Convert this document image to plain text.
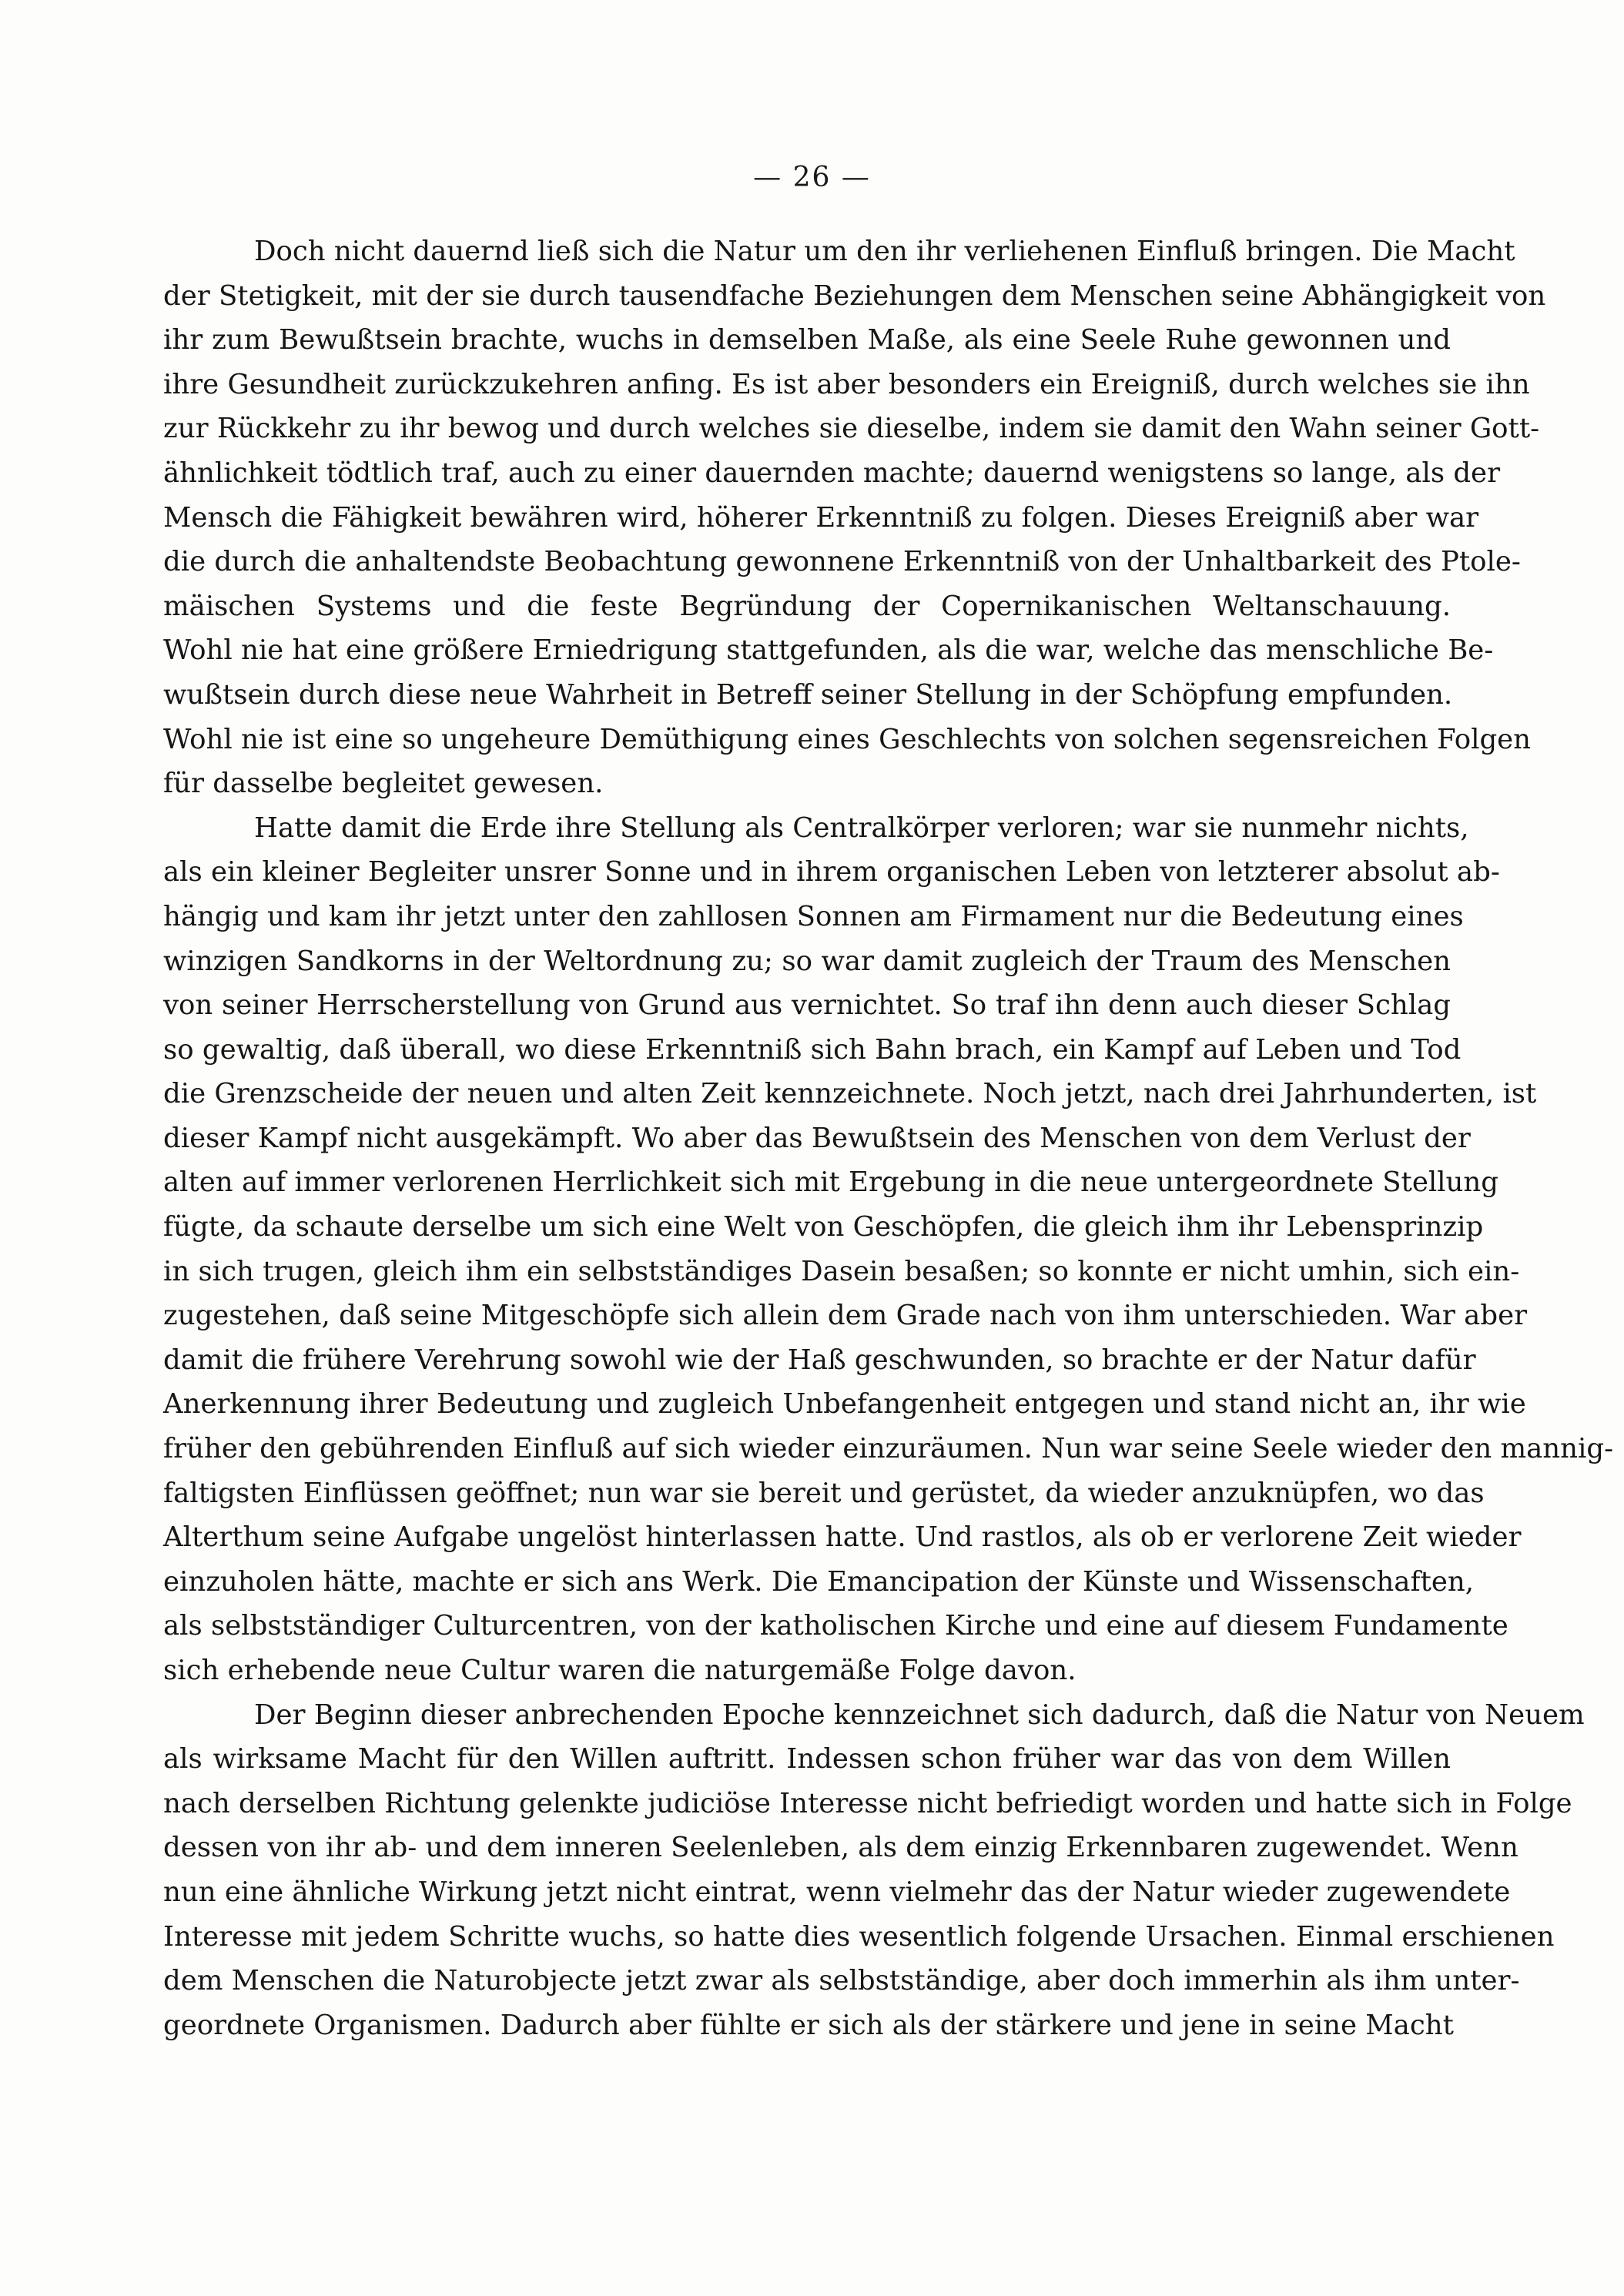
— 26 —
Doch nicht dauernd ließ sich die Natur um den ihr verliehenen Einfluß bringen. Die Macht
der Stetigkeit, mit der sie durch tausendfache Beziehungen dem Menschen seine Abhängigkeit von
ihr zum Bewußtsein brachte, wuchs in demselben Maße, als eine Seele Ruhe gewonnen und
ihre Gesundheit zurückzukehren anfing. Es ist aber besonders ein Ereigniß, durch welches sie ihn
zur Rückkehr zu ihr bewog und durch welches sie dieselbe, indem sie damit den Wahn seiner Gott-
ähnlichkeit tödtlich traf, auch zu einer dauernden machte; dauernd wenigstens so lange, als der
Mensch die Fähigkeit bewähren wird, höherer Erkenntniß zu folgen. Dieses Ereigniß aber war
die durch die anhaltendste Beobachtung gewonnene Erkenntniß von der Unhaltbarkeit des Ptole-
mäischen Systems und die feste Begründung der Copernikanischen Weltanschauung.
Wohl nie hat eine größere Erniedrigung stattgefunden, als die war, welche das menschliche Be-
wußtsein durch diese neue Wahrheit in Betreff seiner Stellung in der Schöpfung empfunden.
Wohl nie ist eine so ungeheure Demüthigung eines Geschlechts von solchen segensreichen Folgen
für dasselbe begleitet gewesen.
Hatte damit die Erde ihre Stellung als Centralkörper verloren; war sie nunmehr nichts,
als ein kleiner Begleiter unsrer Sonne und in ihrem organischen Leben von letzterer absolut ab-
hängig und kam ihr jetzt unter den zahllosen Sonnen am Firmament nur die Bedeutung eines
winzigen Sandkorns in der Weltordnung zu; so war damit zugleich der Traum des Menschen
von seiner Herrscherstellung von Grund aus vernichtet. So traf ihn denn auch dieser Schlag
so gewaltig, daß überall, wo diese Erkenntniß sich Bahn brach, ein Kampf auf Leben und Tod
die Grenzscheide der neuen und alten Zeit kennzeichnete. Noch jetzt, nach drei Jahrhunderten, ist
dieser Kampf nicht ausgekämpft. Wo aber das Bewußtsein des Menschen von dem Verlust der
alten auf immer verlorenen Herrlichkeit sich mit Ergebung in die neue untergeordnete Stellung
fügte, da schaute derselbe um sich eine Welt von Geschöpfen, die gleich ihm ihr Lebensprinzip
in sich trugen, gleich ihm ein selbstständiges Dasein besaßen; so konnte er nicht umhin, sich ein-
zugestehen, daß seine Mitgeschöpfe sich allein dem Grade nach von ihm unterschieden. War aber
damit die frühere Verehrung sowohl wie der Haß geschwunden, so brachte er der Natur dafür
Anerkennung ihrer Bedeutung und zugleich Unbefangenheit entgegen und stand nicht an, ihr wie
früher den gebührenden Einfluß auf sich wieder einzuräumen. Nun war seine Seele wieder den mannig-
faltigsten Einflüssen geöffnet; nun war sie bereit und gerüstet, da wieder anzuknüpfen, wo das
Alterthum seine Aufgabe ungelöst hinterlassen hatte. Und rastlos, als ob er verlorene Zeit wieder
einzuholen hätte, machte er sich ans Werk. Die Emancipation der Künste und Wissenschaften,
als selbstständiger Culturcentren, von der katholischen Kirche und eine auf diesem Fundamente
sich erhebende neue Cultur waren die naturgemäße Folge davon.
Der Beginn dieser anbrechenden Epoche kennzeichnet sich dadurch, daß die Natur von Neuem
als wirksame Macht für den Willen auftritt. Indessen schon früher war das von dem Willen
nach derselben Richtung gelenkte judiciöse Interesse nicht befriedigt worden und hatte sich in Folge
dessen von ihr ab- und dem inneren Seelenleben, als dem einzig Erkennbaren zugewendet. Wenn
nun eine ähnliche Wirkung jetzt nicht eintrat, wenn vielmehr das der Natur wieder zugewendete
Interesse mit jedem Schritte wuchs, so hatte dies wesentlich folgende Ursachen. Einmal erschienen
dem Menschen die Naturobjecte jetzt zwar als selbstständige, aber doch immerhin als ihm unter-
geordnete Organismen. Dadurch aber fühlte er sich als der stärkere und jene in seine Macht
